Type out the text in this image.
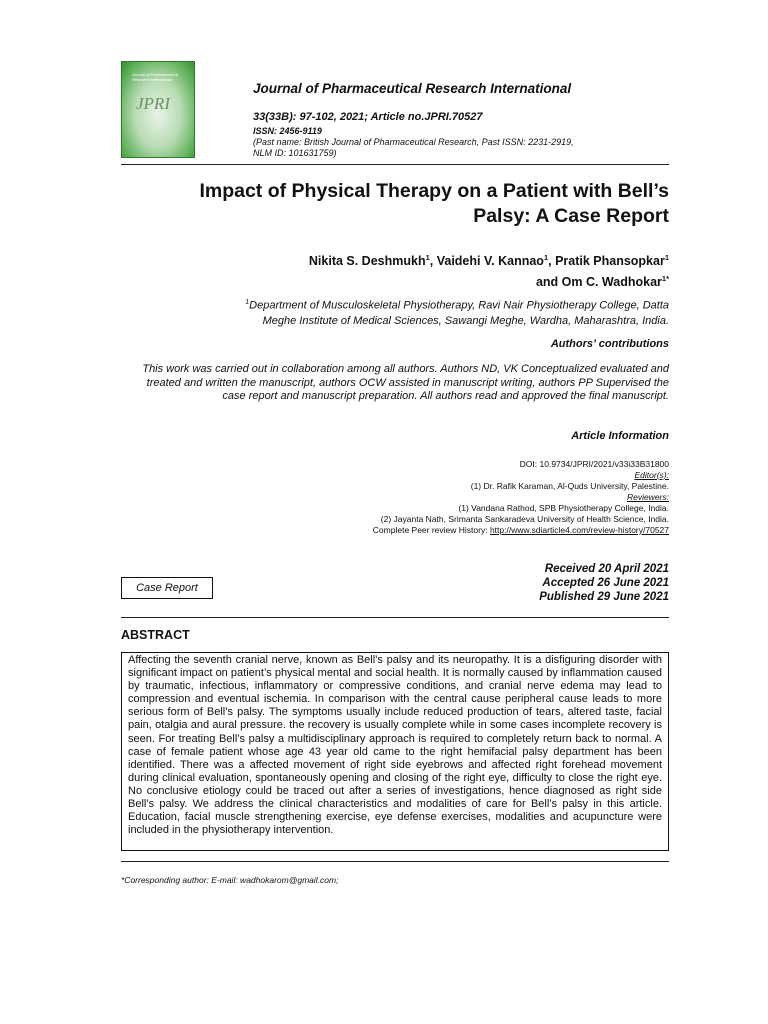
Journal of Pharmaceutical Research International
JPRI
Journal of Pharmaceutical Research International
33(33B): 97-102, 2021; Article no.JPRI.70527
ISSN: 2456-9119
(Past name: British Journal of Pharmaceutical Research, Past ISSN: 2231-2919,
NLM ID: 101631759)
Impact of Physical Therapy on a Patient with Bell’s
Palsy: A Case Report
Nikita S. Deshmukh$^1$, Vaidehi V. Kannao$^1$, Pratik Phansopkar$^1$
and Om C. Wadhokar$^{1*}$
$^1$Department of Musculoskeletal Physiotherapy, Ravi Nair Physiotherapy College, Datta
Meghe Institute of Medical Sciences, Sawangi Meghe, Wardha, Maharashtra, India.
Authors’ contributions
This work was carried out in collaboration among all authors. Authors ND, VK Conceptualized evaluated and treated and written the manuscript, authors OCW assisted in manuscript writing, authors PP Supervised the case report and manuscript preparation. All authors read and approved the final manuscript.
Article Information
DOI: 10.9734/JPRI/2021/v33i33B31800
Editor(s):
(1) Dr. Rafik Karaman, Al-Quds University, Palestine.
Reviewers:
(1) Vandana Rathod, SPB Physiotherapy College, India.
(2) Jayanta Nath, Srimanta Sankaradeva University of Health Science, India.
Complete Peer review History: http://www.sdiarticle4.com/review-history/70527
Received 20 April 2021
Accepted 26 June 2021
Published 29 June 2021
Case Report
ABSTRACT
Affecting the seventh cranial nerve, known as Bell’s palsy and its neuropathy. It is a disfiguring disorder with significant impact on patient’s physical mental and social health. It is normally caused by inflammation caused by traumatic, infectious, inflammatory or compressive conditions, and cranial nerve edema may lead to compression and eventual ischemia. In comparison with the central cause peripheral cause leads to more serious form of Bell’s palsy. The symptoms usually include reduced production of tears, altered taste, facial pain, otalgia and aural pressure. the recovery is usually complete while in some cases incomplete recovery is seen. For treating Bell’s palsy a multidisciplinary approach is required to completely return back to normal. A case of female patient whose age 43 year old came to the right hemifacial palsy department has been identified. There was a affected movement of right side eyebrows and affected right forehead movement during clinical evaluation, spontaneously opening and closing of the right eye, difficulty to close the right eye. No conclusive etiology could be traced out after a series of investigations, hence diagnosed as right side Bell’s palsy. We address the clinical characteristics and modalities of care for Bell’s palsy in this article. Education, facial muscle strengthening exercise, eye defense exercises, modalities and acupuncture were included in the physiotherapy intervention.
*Corresponding author: E-mail: wadhokarom@gmail.com;
